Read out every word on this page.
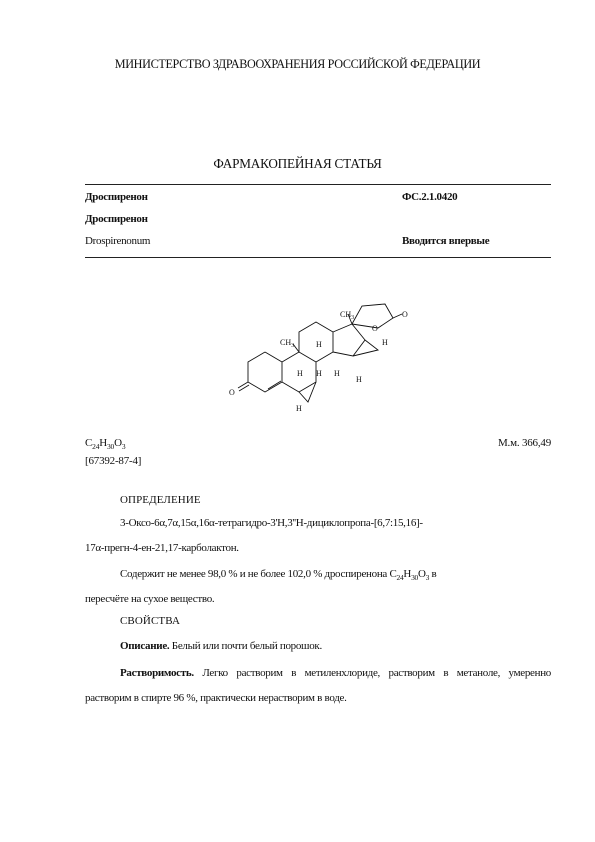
МИНИСТЕРСТВО ЗДРАВООХРАНЕНИЯ РОССИЙСКОЙ ФЕДЕРАЦИИ
ФАРМАКОПЕЙНАЯ СТАТЬЯ
Дроспиренон	ФС.2.1.0420
Дроспиренон
Drospirenonum	Вводится впервые
$CH_3$
$CH_3$
O
O
O
H
H	H
H
H
H
H
$C_{24}H_{30}O_3$
[67392-87-4]
М.м. 366,49
ОПРЕДЕЛЕНИЕ
3-Оксо-6α,7α,15α,16α-тетрагидро-3'H,3''H-дициклопропа-[6,7:15,16]-
17α-прегн-4-ен-21,17-карболактон.
Содержит не менее 98,0 % и не более 102,0 % дроспиренона $C_{24}H_{30}O_3$ в
пересчёте на сухое вещество.
СВОЙСТВА
Описание. Белый или почти белый порошок.
Растворимость. Легко растворим в метиленхлориде, растворим в метаноле, умеренно растворим в спирте 96 %, практически нерастворим в воде.
